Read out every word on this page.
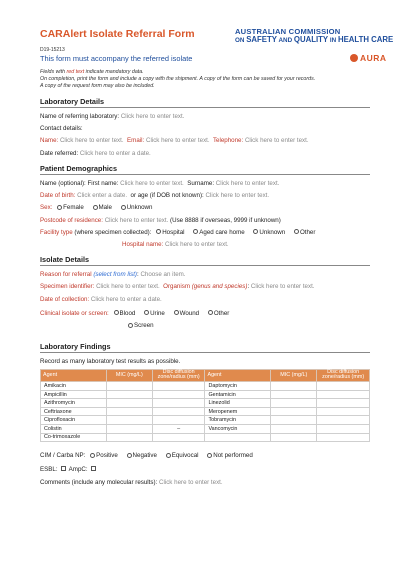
CARAlert Isolate Referral Form
D19-15213
This form must accompany the referred isolate
AUSTRALIAN COMMISSION
ON SAFETY AND QUALITY IN HEALTH CARE
AURA
Fields with red text indicate mandatory data.
On completion, print the form and include a copy with the shipment. A copy of the form can be saved for your records.
A copy of the request form may also be included.
Laboratory Details
Name of referring laboratory: Click here to enter text.
Contact details:
Name: Click here to enter text. Email: Click here to enter text. Telephone: Click here to enter text.
Date referred: Click here to enter a date.
Patient Demographics
Name (optional): First name: Click here to enter text. Surname: Click here to enter text.
Date of birth: Click enter a date. or age (if DOB not known): Click here to enter text.
Sex: Female Male Unknown
Postcode of residence: Click here to enter text. (Use 8888 if overseas, 9999 if unknown)
Facility type (where specimen collected): Hospital Aged care home Unknown Other
Hospital name: Click here to enter text.
Isolate Details
Reason for referral (select from list): Choose an item.
Specimen identifier: Click here to enter text. Organism (genus and species): Click here to enter text.
Date of collection: Click here to enter a date.
Clinical isolate or screen: Blood Urine Wound Other
Screen
Laboratory Findings
Record as many laboratory test results as possible.
Agent	MIC (mg/L)	Disc diffusion zone/radius (mm)	Agent	MIC (mg/L)	Disc diffusion zone/radius (mm)
Amikacin			Daptomycin		
Ampicillin			Gentamicin		
Azithromycin			Linezolid		
Ceftriaxone			Meropenem		
Ciprofloxacin			Tobramycin		
Colistin		–	Vancomycin		
Co-trimoxazole					
CIM / Carba NP: Positive Negative Equivocal Not performed
ESBL: AmpC:
Comments (include any molecular results): Click here to enter text.
